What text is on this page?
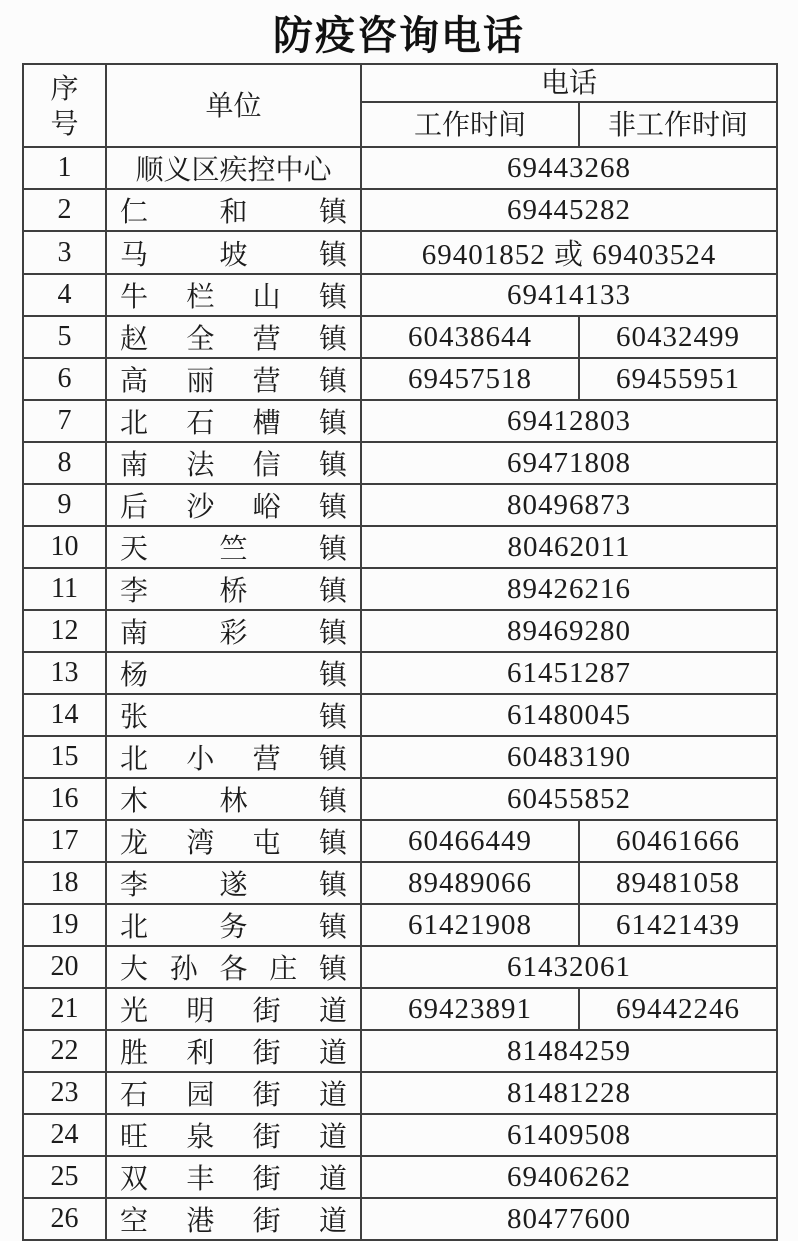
防疫咨询电话
序号	单位	电话	
		工作时间	非工作时间
1	顺义区疾控中心	69443268	
2	仁 和 镇	69445282	
3	马 坡 镇	69401852 或 69403524	
4	牛 栏 山 镇	69414133	
5	赵 全 营 镇	60438644	60432499
6	高 丽 营 镇	69457518	69455951
7	北 石 槽 镇	69412803	
8	南 法 信 镇	69471808	
9	后 沙 峪 镇	80496873	
10	天 竺 镇	80462011	
11	李 桥 镇	89426216	
12	南 彩 镇	89469280	
13	杨 镇	61451287	
14	张 镇	61480045	
15	北 小 营 镇	60483190	
16	木 林 镇	60455852	
17	龙 湾 屯 镇	60466449	60461666
18	李 遂 镇	89489066	89481058
19	北 务 镇	61421908	61421439
20	大 孙 各 庄 镇	61432061	
21	光 明 街 道	69423891	69442246
22	胜 利 街 道	81484259	
23	石 园 街 道	81481228	
24	旺 泉 街 道	61409508	
25	双 丰 街 道	69406262	
26	空 港 街 道	80477600	
